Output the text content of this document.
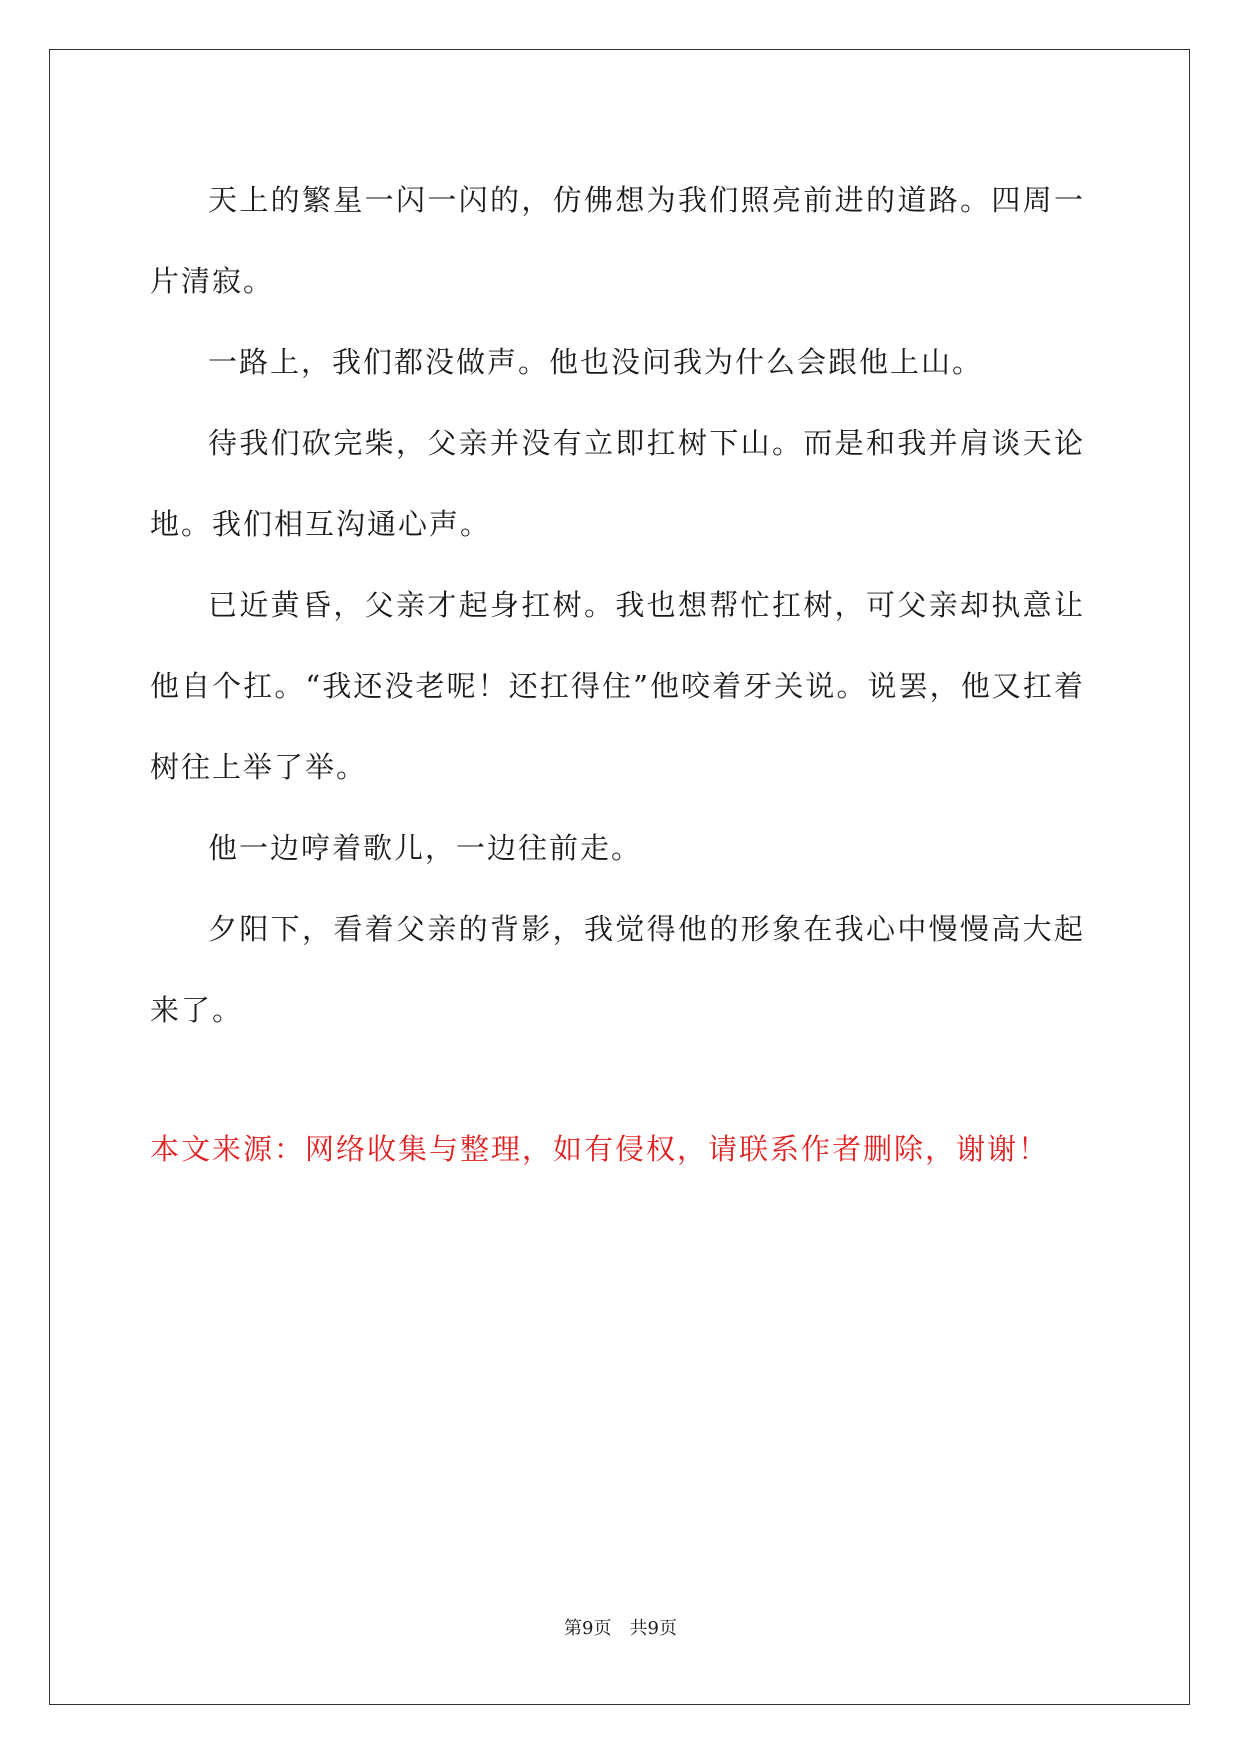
天上的繁星一闪一闪的，仿佛想为我们照亮前进的道路。四周一片清寂。

一路上，我们都没做声。他也没问我为什么会跟他上山。

待我们砍完柴，父亲并没有立即扛树下山。而是和我并肩谈天论地。我们相互沟通心声。

已近黄昏，父亲才起身扛树。我也想帮忙扛树，可父亲却执意让他自个扛。“我还没老呢！还扛得住”他咬着牙关说。说罢，他又扛着树往上举了举。

他一边哼着歌儿，一边往前走。

夕阳下，看着父亲的背影，我觉得他的形象在我心中慢慢高大起来了。

本文来源：网络收集与整理，如有侵权，请联系作者删除，谢谢！

第9页 共9页
